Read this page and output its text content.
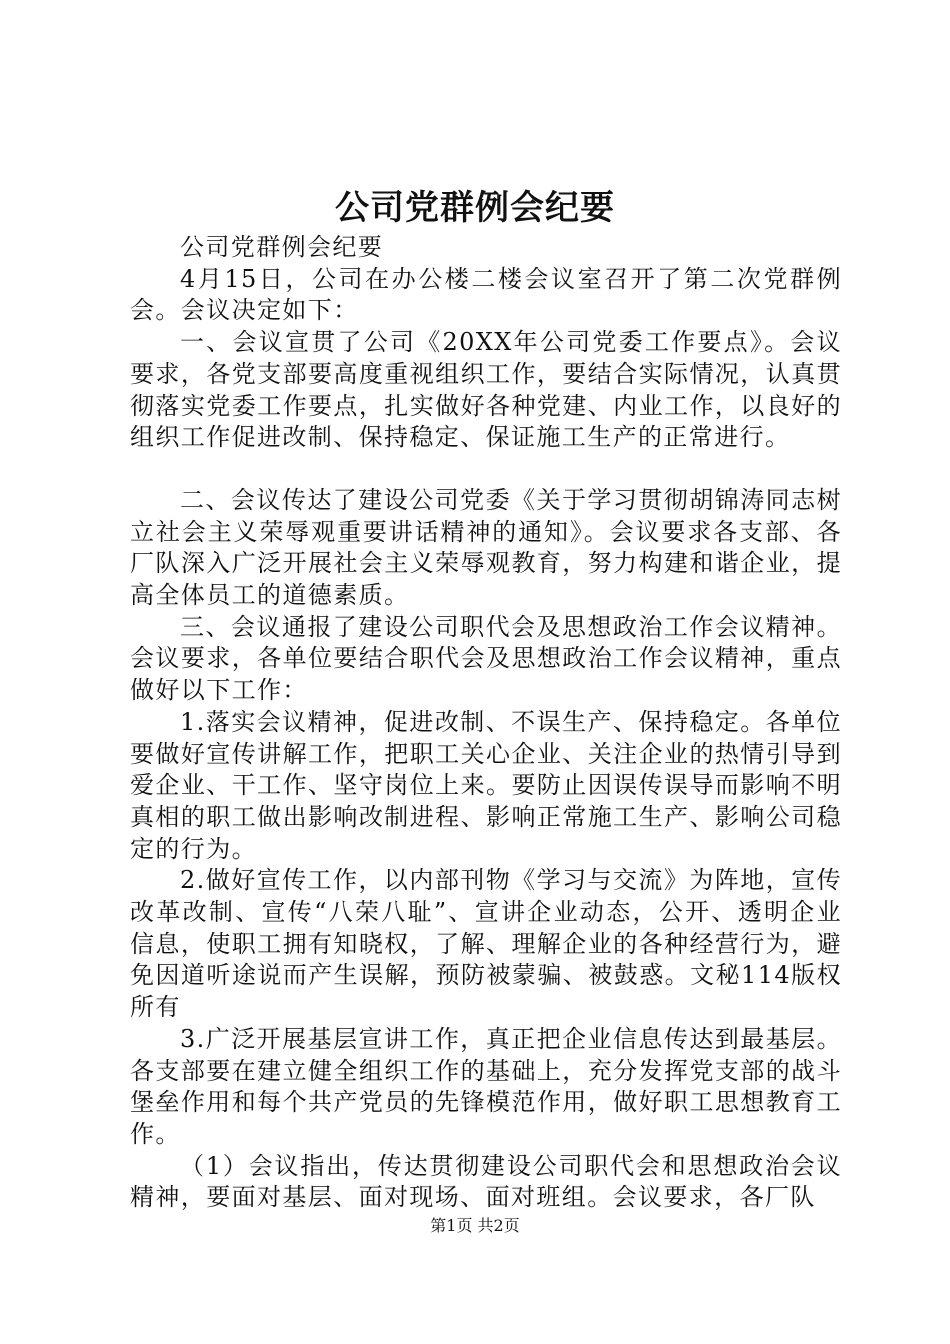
公司党群例会纪要

公司党群例会纪要

4月15日，公司在办公楼二楼会议室召开了第二次党群例会。会议决定如下：

一、会议宣贯了公司《20XX年公司党委工作要点》。会议要求，各党支部要高度重视组织工作，要结合实际情况，认真贯彻落实党委工作要点，扎实做好各种党建、内业工作，以良好的组织工作促进改制、保持稳定、保证施工生产的正常进行。

二、会议传达了建设公司党委《关于学习贯彻胡锦涛同志树立社会主义荣辱观重要讲话精神的通知》。会议要求各支部、各厂队深入广泛开展社会主义荣辱观教育，努力构建和谐企业，提高全体员工的道德素质。

三、会议通报了建设公司职代会及思想政治工作会议精神。会议要求，各单位要结合职代会及思想政治工作会议精神，重点做好以下工作：

1.落实会议精神，促进改制、不误生产、保持稳定。各单位要做好宣传讲解工作，把职工关心企业、关注企业的热情引导到爱企业、干工作、坚守岗位上来。要防止因误传误导而影响不明真相的职工做出影响改制进程、影响正常施工生产、影响公司稳定的行为。

2.做好宣传工作，以内部刊物《学习与交流》为阵地，宣传改革改制、宣传“八荣八耻”、宣讲企业动态，公开、透明企业信息，使职工拥有知晓权，了解、理解企业的各种经营行为，避免因道听途说而产生误解，预防被蒙骗、被鼓惑。文秘114版权所有

3.广泛开展基层宣讲工作，真正把企业信息传达到最基层。各支部要在建立健全组织工作的基础上，充分发挥党支部的战斗堡垒作用和每个共产党员的先锋模范作用，做好职工思想教育工作。

（1）会议指出，传达贯彻建设公司职代会和思想政治会议精神，要面对基层、面对现场、面对班组。会议要求，各厂队

第1页 共2页
